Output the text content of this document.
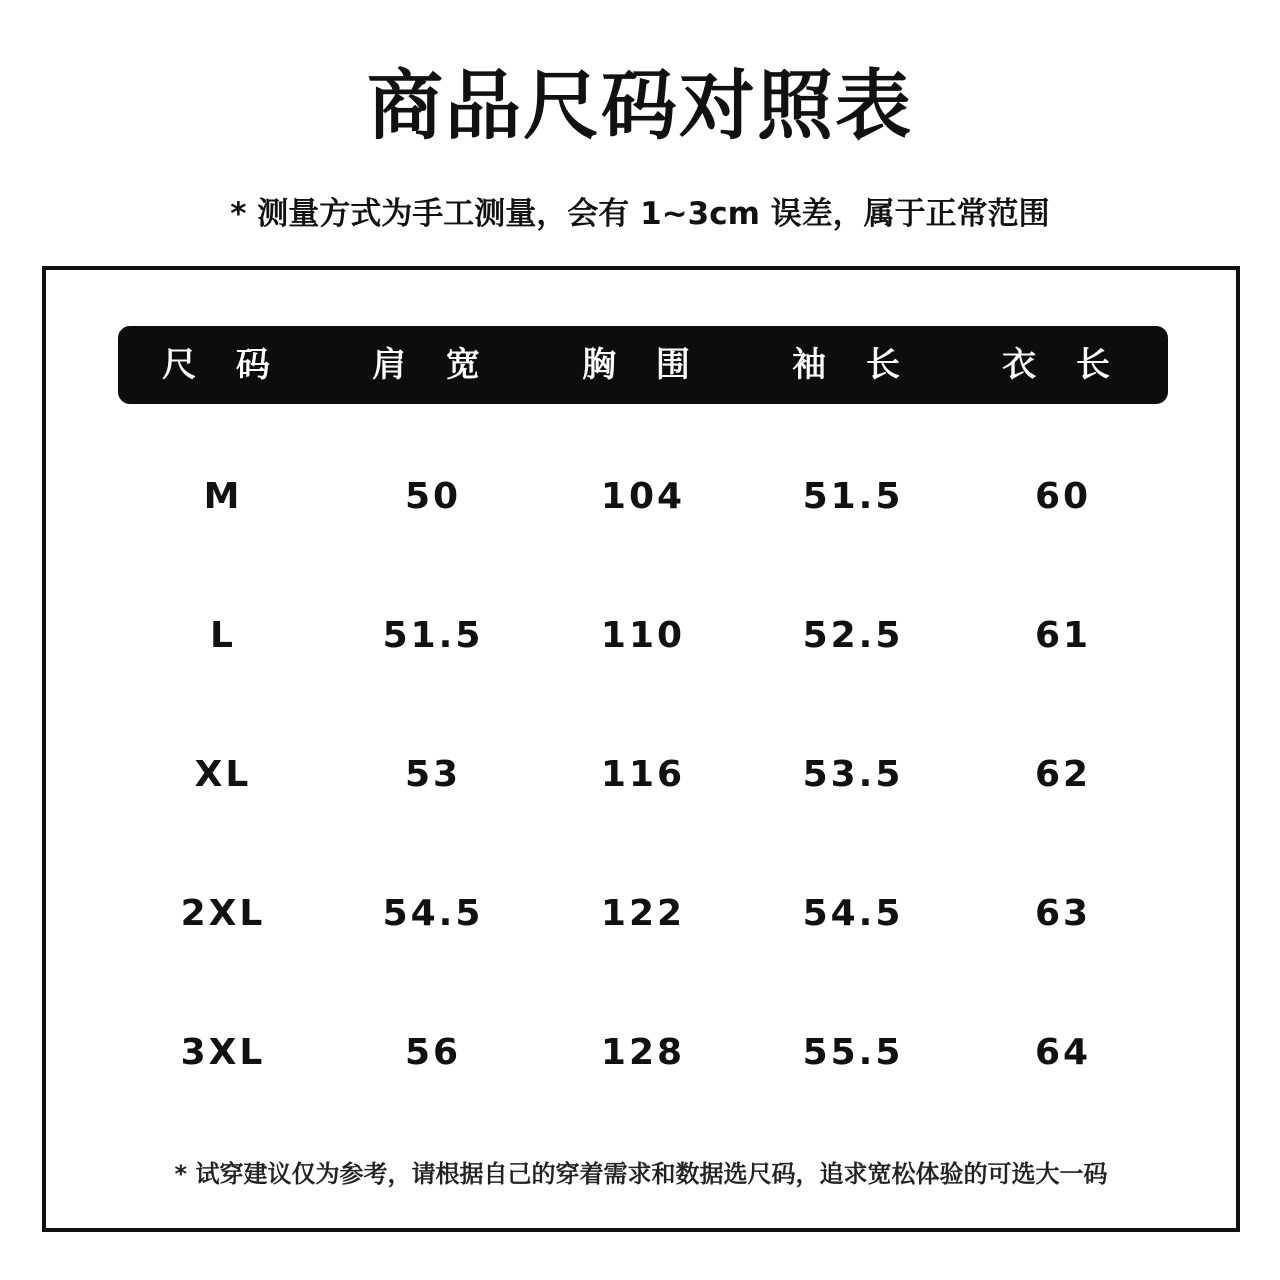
商品尺码对照表
* 测量方式为手工测量，会有 1~3cm 误差，属于正常范围
尺 码	肩 宽	胸 围	袖 长	衣 长
M	50	104	51.5	60
L	51.5	110	52.5	61
XL	53	116	53.5	62
2XL	54.5	122	54.5	63
3XL	56	128	55.5	64
* 试穿建议仅为参考，请根据自己的穿着需求和数据选尺码，追求宽松体验的可选大一码
